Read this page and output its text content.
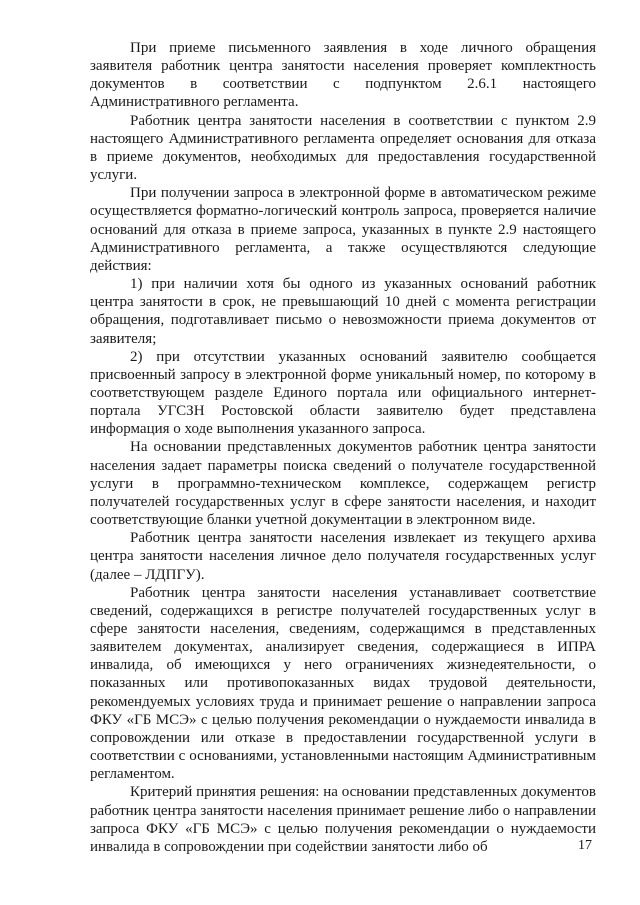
При приеме письменного заявления в ходе личного обращения заявителя работник центра занятости населения проверяет комплектность документов в соответствии с подпунктом 2.6.1 настоящего Административного регламента.

Работник центра занятости населения в соответствии с пунктом 2.9 настоящего Административного регламента определяет основания для отказа в приеме документов, необходимых для предоставления государственной услуги.

При получении запроса в электронной форме в автоматическом режиме осуществляется форматно-логический контроль запроса, проверяется наличие оснований для отказа в приеме запроса, указанных в пункте 2.9 настоящего Административного регламента, а также осуществляются следующие действия:

1) при наличии хотя бы одного из указанных оснований работник центра занятости в срок, не превышающий 10 дней с момента регистрации обращения, подготавливает письмо о невозможности приема документов от заявителя;

2) при отсутствии указанных оснований заявителю сообщается присвоенный запросу в электронной форме уникальный номер, по которому в соответствующем разделе Единого портала или официального интернет-портала УГСЗН Ростовской области заявителю будет представлена информация о ходе выполнения указанного запроса.

На основании представленных документов работник центра занятости населения задает параметры поиска сведений о получателе государственной услуги в программно-техническом комплексе, содержащем регистр получателей государственных услуг в сфере занятости населения, и находит соответствующие бланки учетной документации в электронном виде.

Работник центра занятости населения извлекает из текущего архива центра занятости населения личное дело получателя государственных услуг (далее – ЛДПГУ).

Работник центра занятости населения устанавливает соответствие сведений, содержащихся в регистре получателей государственных услуг в сфере занятости населения, сведениям, содержащимся в представленных заявителем документах, анализирует сведения, содержащиеся в ИПРА инвалида, об имеющихся у него ограничениях жизнедеятельности, о показанных или противопоказанных видах трудовой деятельности, рекомендуемых условиях труда и принимает решение о направлении запроса ФКУ «ГБ МСЭ» с целью получения рекомендации о нуждаемости инвалида в сопровождении или отказе в предоставлении государственной услуги в соответствии с основаниями, установленными настоящим Административным регламентом.

Критерий принятия решения: на основании представленных документов работник центра занятости населения принимает решение либо о направлении запроса ФКУ «ГБ МСЭ» с целью получения рекомендации о нуждаемости инвалида в сопровождении при содействии занятости либо об	17
